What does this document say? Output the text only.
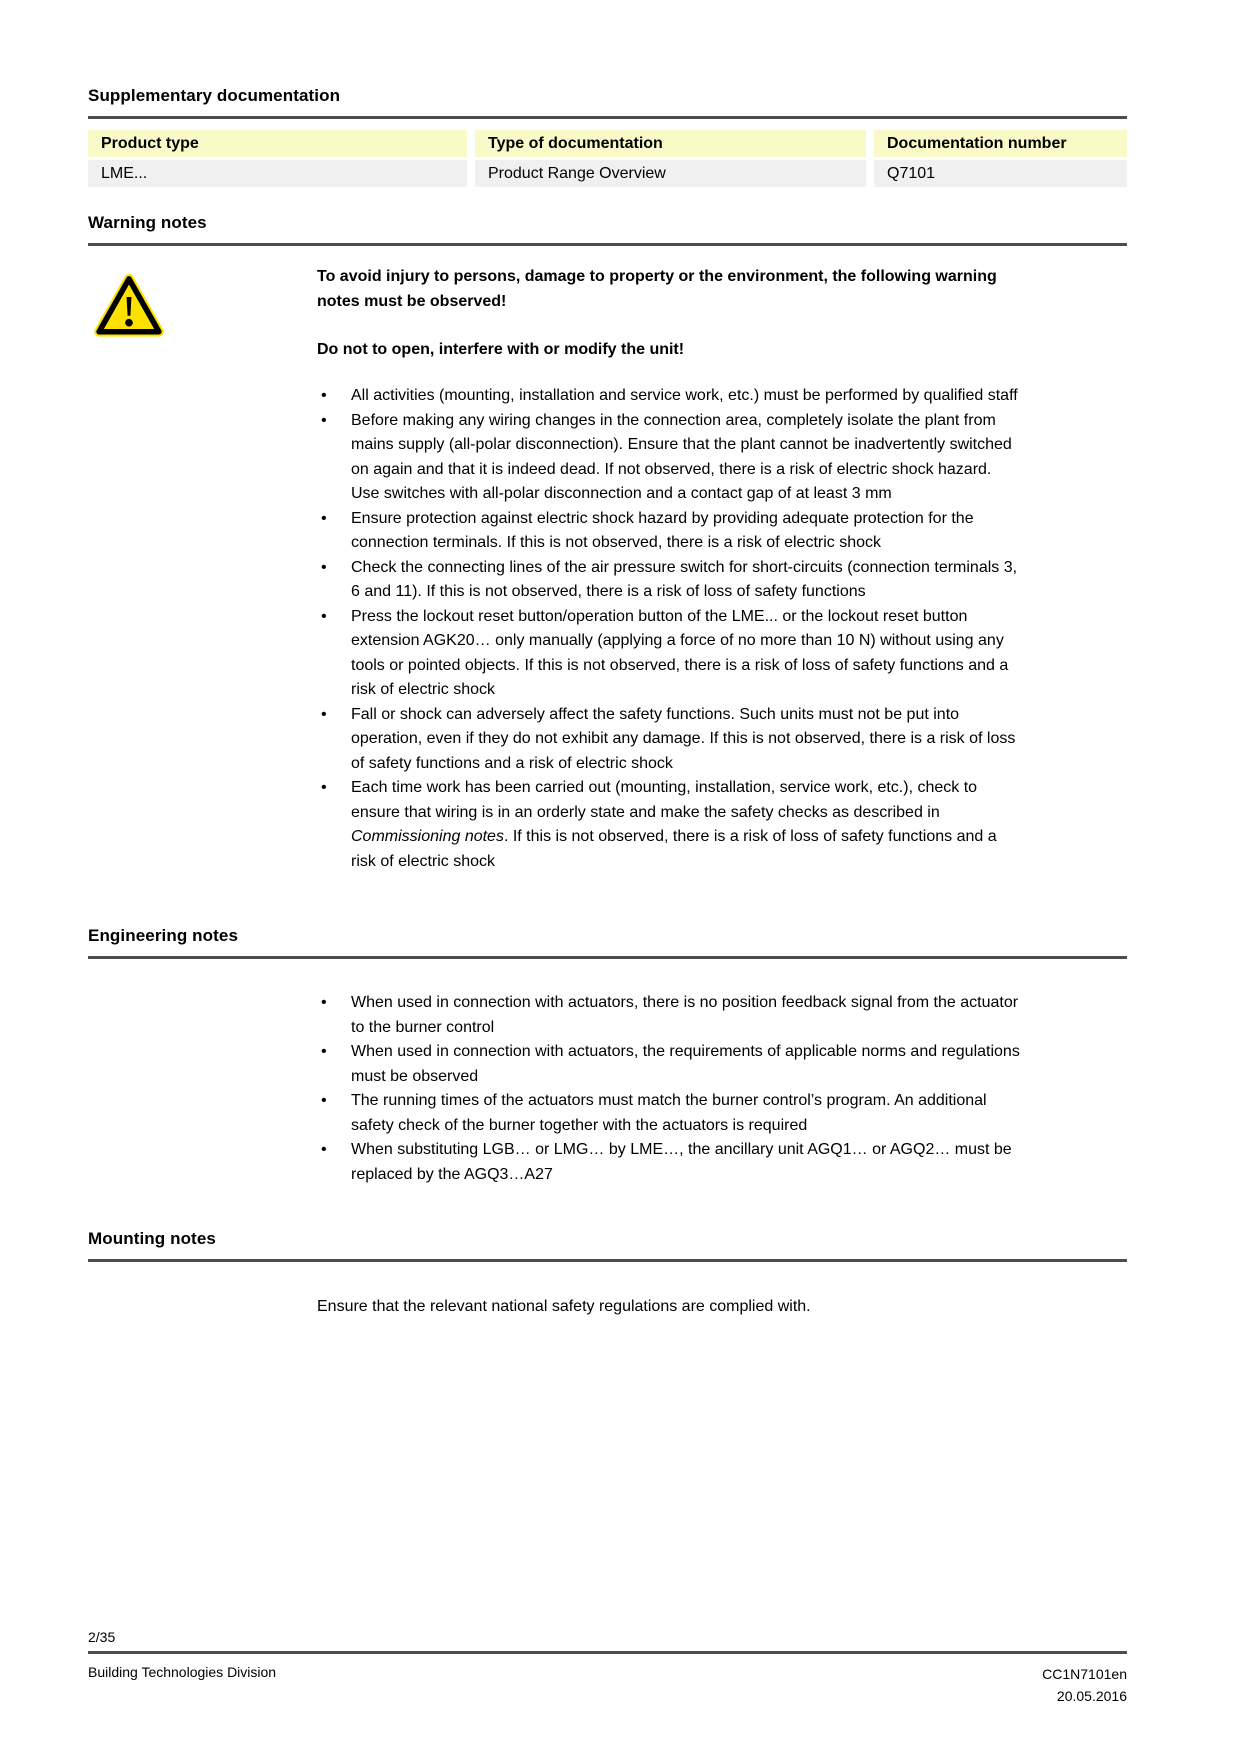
Supplementary documentation
Product type	Type of documentation	Documentation number
LME...	Product Range Overview	Q7101
Warning notes
To avoid injury to persons, damage to property or the environment, the following warning notes must be observed!
Do not to open, interfere with or modify the unit!
• All activities (mounting, installation and service work, etc.) must be performed by qualified staff
• Before making any wiring changes in the connection area, completely isolate the plant from mains supply (all-polar disconnection). Ensure that the plant cannot be inadvertently switched on again and that it is indeed dead. If not observed, there is a risk of electric shock hazard. Use switches with all-polar disconnection and a contact gap of at least 3 mm
• Ensure protection against electric shock hazard by providing adequate protection for the connection terminals. If this is not observed, there is a risk of electric shock
• Check the connecting lines of the air pressure switch for short-circuits (connection terminals 3, 6 and 11). If this is not observed, there is a risk of loss of safety functions
• Press the lockout reset button/operation button of the LME... or the lockout reset button extension AGK20… only manually (applying a force of no more than 10 N) without using any tools or pointed objects. If this is not observed, there is a risk of loss of safety functions and a risk of electric shock
• Fall or shock can adversely affect the safety functions. Such units must not be put into operation, even if they do not exhibit any damage. If this is not observed, there is a risk of loss of safety functions and a risk of electric shock
• Each time work has been carried out (mounting, installation, service work, etc.), check to ensure that wiring is in an orderly state and make the safety checks as described in Commissioning notes. If this is not observed, there is a risk of loss of safety functions and a risk of electric shock
Engineering notes
• When used in connection with actuators, there is no position feedback signal from the actuator to the burner control
• When used in connection with actuators, the requirements of applicable norms and regulations must be observed
• The running times of the actuators must match the burner control’s program. An additional safety check of the burner together with the actuators is required
• When substituting LGB… or LMG… by LME…, the ancillary unit AGQ1… or AGQ2… must be replaced by the AGQ3…A27
Mounting notes
Ensure that the relevant national safety regulations are complied with.
2/35
Building Technologies Division	CC1N7101en
20.05.2016
